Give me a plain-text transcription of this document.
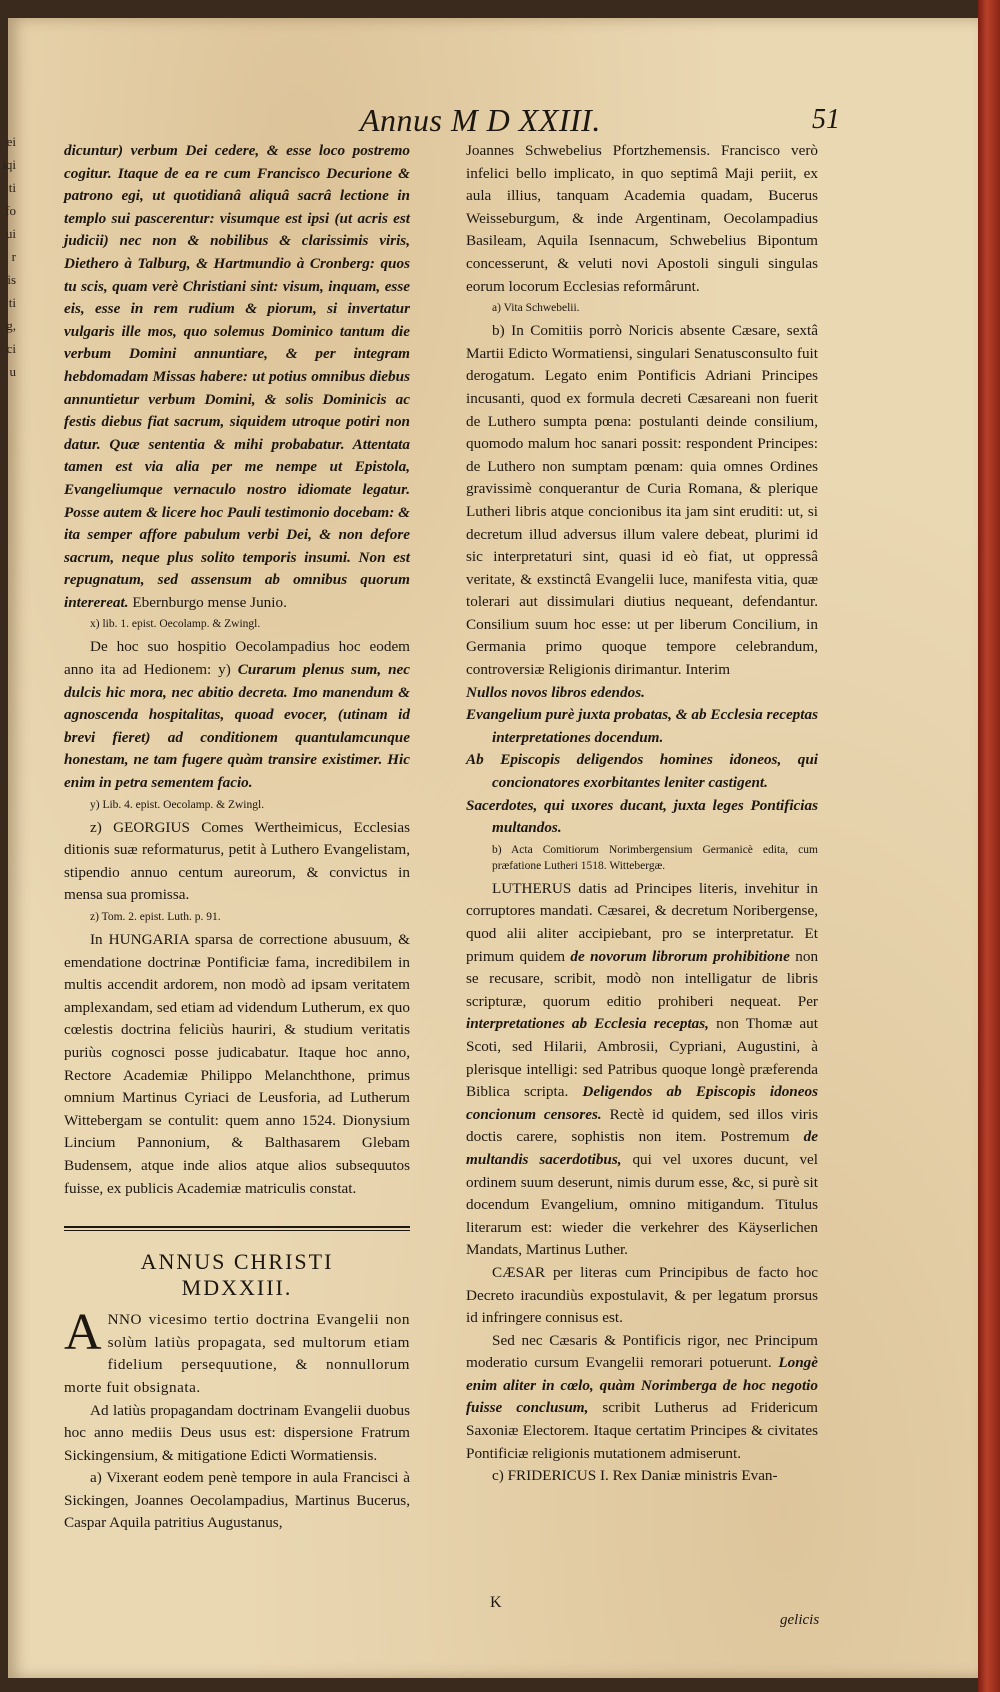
ei
iqi
ti
fo
ui
r
is
ti
g,
ci
u
Annus M D XXIII.	51

dicuntur) verbum Dei cedere, & esse loco postremo cogitur. Itaque de ea re cum Francisco Decurione & patrono egi, ut quotidianâ aliquâ sacrâ lectione in templo sui pascerentur: visumque est ipsi (ut acris est judicii) nec non & nobilibus & clarissimis viris, Diethero à Talburg, & Hartmundio à Cronberg: quos tu scis, quam verè Christiani sint: visum, inquam, esse eis, esse in rem rudium & piorum, si invertatur vulgaris ille mos, quo solemus Dominico tantum die verbum Domini annuntiare, & per integram hebdomadam Missas habere: ut potius omnibus diebus annuntietur verbum Domini, & solis Dominicis ac festis diebus fiat sacrum, siquidem utroque potiri non datur. Quæ sententia & mihi probabatur. Attentata tamen est via alia per me nempe ut Epistola, Evangeliumque vernaculo nostro idiomate legatur. Posse autem & licere hoc Pauli testimonio docebam: & ita semper affore pabulum verbi Dei, & non defore sacrum, neque plus solito temporis insumi. Non est repugnatum, sed assensum ab omnibus quorum interereat. Ebernburgo mense Junio.

x) lib. 1. epist. Oecolamp. & Zwingl.

De hoc suo hospitio Oecolampadius hoc eodem anno ita ad Hedionem: y) Curarum plenus sum, nec dulcis hic mora, nec abitio decreta. Imo manendum & agnoscenda hospitalitas, quoad evocer, (utinam id brevi fieret) ad conditionem quantulamcunque honestam, ne tam fugere quàm transire existimer. Hic enim in petra sementem facio.

y) Lib. 4. epist. Oecolamp. & Zwingl.

z) GEORGIUS Comes Wertheimicus, Ecclesias ditionis suæ reformaturus, petit à Luthero Evangelistam, stipendio annuo centum aureorum, & convictus in mensa sua promissa.

z) Tom. 2. epist. Luth. p. 91.

In HUNGARIA sparsa de correctione abusuum, & emendatione doctrinæ Pontificiæ fama, incredibilem in multis accendit ardorem, non modò ad ipsam veritatem amplexandam, sed etiam ad videndum Lutherum, ex quo cœlestis doctrina feliciùs hauriri, & studium veritatis puriùs cognosci posse judicabatur. Itaque hoc anno, Rectore Academiæ Philippo Melanchthone, primus omnium Martinus Cyriaci de Leusforia, ad Lutherum Wittebergam se contulit: quem anno 1524. Dionysium Lincium Pannonium, & Balthasarem Glebam Budensem, atque inde alios atque alios subsequutos fuisse, ex publicis Academiæ matriculis constat.

ANNUS CHRISTI
MDXXIII.

A NNO vicesimo tertio doctrina Evangelii non solùm latiùs propagata, sed multorum etiam fidelium persequutione, & nonnullorum morte fuit obsignata.

Ad latiùs propagandam doctrinam Evangelii duobus hoc anno mediis Deus usus est: dispersione Fratrum Sickingensium, & mitigatione Edicti Wormatiensis.

a) Vixerant eodem penè tempore in aula Francisci à Sickingen, Joannes Oecolampadius, Martinus Bucerus, Caspar Aquila patritius Augustanus,

Joannes Schwebelius Pfortzhemensis. Francisco verò infelici bello implicato, in quo septimâ Maji periit, ex aula illius, tanquam Academia quadam, Bucerus Weisseburgum, & inde Argentinam, Oecolampadius Basileam, Aquila Isennacum, Schwebelius Bipontum concesserunt, & veluti novi Apostoli singuli singulas eorum locorum Ecclesias reformârunt.

a) Vita Schwebelii.

b) In Comitiis porrò Noricis absente Cæsare, sextâ Martii Edicto Wormatiensi, singulari Senatusconsulto fuit derogatum. Legato enim Pontificis Adriani Principes incusanti, quod ex formula decreti Cæsareani non fuerit de Luthero sumpta pœna: postulanti deinde consilium, quomodo malum hoc sanari possit: respondent Principes: de Luthero non sumptam pœnam: quia omnes Ordines gravissimè conquerantur de Curia Romana, & plerique Lutheri libris atque concionibus ita jam sint eruditi: ut, si decretum illud adversus illum valere debeat, plurimi id sic interpretaturi sint, quasi id eò fiat, ut oppressâ veritate, & exstinctâ Evangelii luce, manifesta vitia, quæ tolerari aut dissimulari diutius nequeant, defendantur. Consilium suum hoc esse: ut per liberum Concilium, in Germania primo quoque tempore celebrandum, controversiæ Religionis dirimantur. Interim

Nullos novos libros edendos.

Evangelium purè juxta probatas, & ab Ecclesia receptas interpretationes docendum.

Ab Episcopis deligendos homines idoneos, qui concionatores exorbitantes leniter castigent.

Sacerdotes, qui uxores ducant, juxta leges Pontificias multandos.

b) Acta Comitiorum Norimbergensium Germanicè edita, cum præfatione Lutheri 1518. Wittebergæ.

LUTHERUS datis ad Principes literis, invehitur in corruptores mandati. Cæsarei, & decretum Noribergense, quod alii aliter accipiebant, pro se interpretatur. Et primum quidem de novorum librorum prohibitione non se recusare, scribit, modò non intelligatur de libris scripturæ, quorum editio prohiberi nequeat. Per interpretationes ab Ecclesia receptas, non Thomæ aut Scoti, sed Hilarii, Ambrosii, Cypriani, Augustini, à plerisque intelligi: sed Patribus quoque longè præferenda Biblica scripta. Deligendos ab Episcopis idoneos concionum censores. Rectè id quidem, sed illos viris doctis carere, sophistis non item. Postremum de multandis sacerdotibus, qui vel uxores ducunt, vel ordinem suum deserunt, nimis durum esse, &c, si purè sit docendum Evangelium, omnino mitigandum. Titulus literarum est: wieder die verkehrer des Käyserlichen Mandats, Martinus Luther.

CÆSAR per literas cum Principibus de facto hoc Decreto iracundiùs expostulavit, & per legatum prorsus id infringere connisus est.

Sed nec Cæsaris & Pontificis rigor, nec Principum moderatio cursum Evangelii remorari potuerunt. Longè enim aliter in cœlo, quàm Norimberga de hoc negotio fuisse conclusum, scribit Lutherus ad Fridericum Saxoniæ Electorem. Itaque certatim Principes & civitates Pontificiæ religionis mutationem admiserunt.

c) FRIDERICUS I. Rex Daniæ ministris Evan-

K
gelicis
